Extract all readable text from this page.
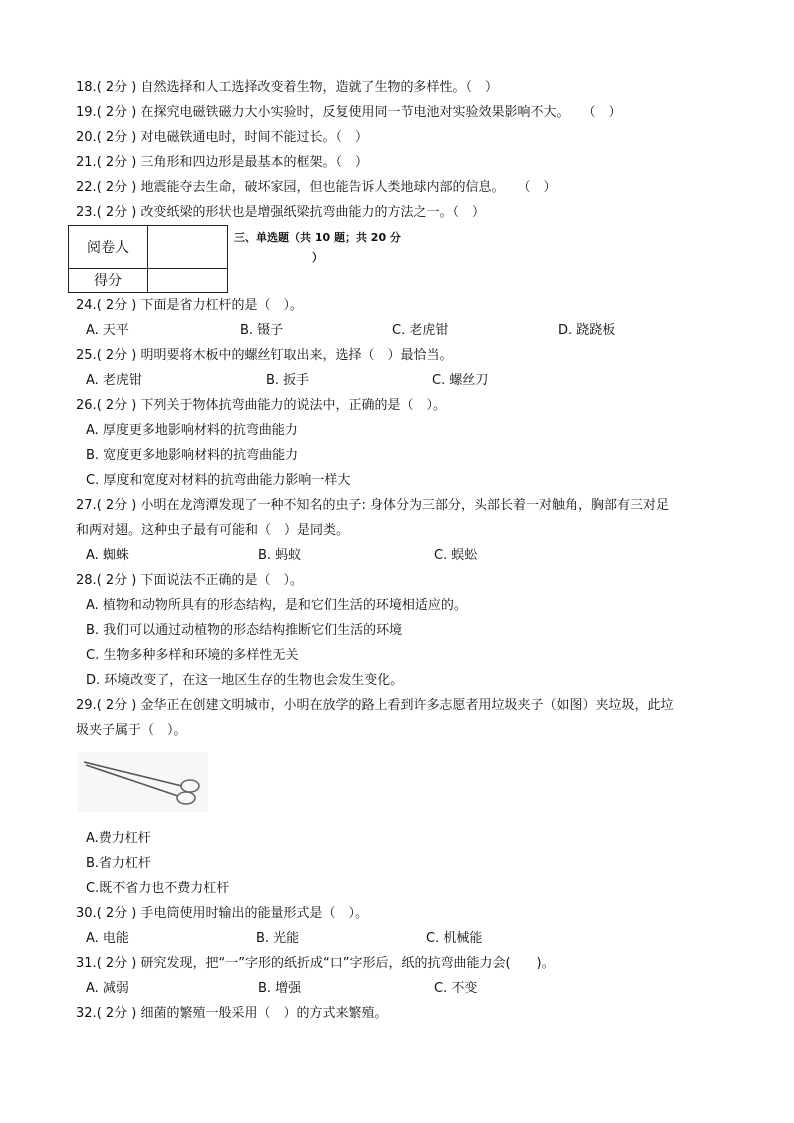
18.( 2分 ) 自然选择和人工选择改变着生物，造就了生物的多样性。（　）
19.( 2分 ) 在探究电磁铁磁力大小实验时，反复使用同一节电池对实验效果影响不大。　　（　）
20.( 2分 ) 对电磁铁通电时，时间不能过长。（　）
21.( 2分 ) 三角形和四边形是最基本的框架。（　）
22.( 2分 ) 地震能夺去生命，破坏家园，但也能告诉人类地球内部的信息。　　（　）
23.( 2分 ) 改变纸梁的形状也是增强纸梁抗弯曲能力的方法之一。（　）
阅卷人	
得分	
三、单选题（共 10 题；共 20 分
）
24.( 2分 ) 下面是省力杠杆的是（　）。
A. 天平	B. 镊子	C. 老虎钳	D. 跷跷板
25.( 2分 ) 明明要将木板中的螺丝钉取出来，选择（　）最恰当。
A. 老虎钳	B. 扳手	C. 螺丝刀
26.( 2分 ) 下列关于物体抗弯曲能力的说法中，正确的是（　）。
A. 厚度更多地影响材料的抗弯曲能力
B. 宽度更多地影响材料的抗弯曲能力
C. 厚度和宽度对材料的抗弯曲能力影响一样大
27.( 2分 ) 小明在龙湾潭发现了一种不知名的虫子: 身体分为三部分，头部长着一对触角，胸部有三对足
和两对翅。这种虫子最有可能和（　）是同类。
A. 蜘蛛	B. 蚂蚁	C. 蜈蚣
28.( 2分 ) 下面说法不正确的是（　）。
A. 植物和动物所具有的形态结构，是和它们生活的环境相适应的。
B. 我们可以通过动植物的形态结构推断它们生活的环境
C. 生物多种多样和环境的多样性无关
D. 环境改变了，在这一地区生存的生物也会发生变化。
29.( 2分 ) 金华正在创建文明城市，小明在放学的路上看到许多志愿者用垃圾夹子（如图）夹垃圾，此垃
圾夹子属于（　）。
A.费力杠杆
B.省力杠杆
C.既不省力也不费力杠杆
30.( 2分 ) 手电筒使用时输出的能量形式是（　）。
A. 电能	B. 光能	C. 机械能
31.( 2分 ) 研究发现，把“一”字形的纸折成“口”字形后，纸的抗弯曲能力会(　　)。
A. 减弱	B. 增强	C. 不变
32.( 2分 ) 细菌的繁殖一般采用（　）的方式来繁殖。
